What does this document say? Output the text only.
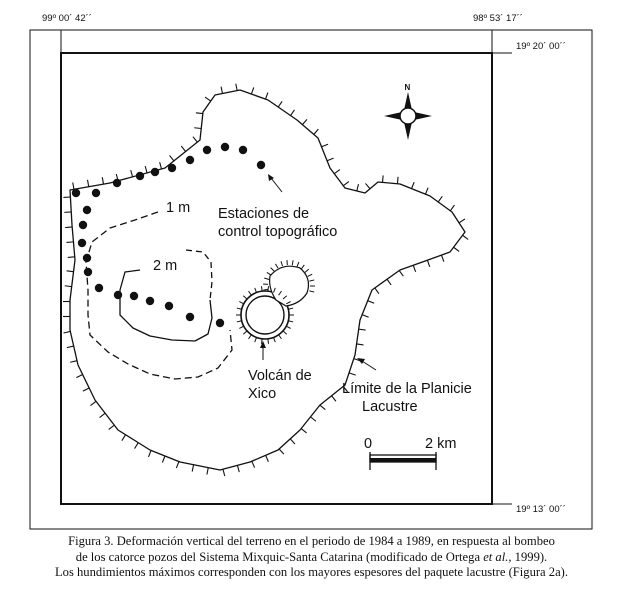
99º 00´ 42´´	98º 53´ 17´´
19º 20´ 00´´
19º 13´ 00´´
1 m
2 m
Estaciones de
control topográfico
Volcán de
Xico	Límite de la Planicie
Lacustre
N
0	2 km
Figura 3. Deformación vertical del terreno en el periodo de 1984 a 1989, en respuesta al bombeo
de los catorce pozos del Sistema Mixquic-Santa Catarina (modificado de Ortega et al., 1999).
Los hundimientos máximos corresponden con los mayores espesores del paquete lacustre (Figura 2a).
